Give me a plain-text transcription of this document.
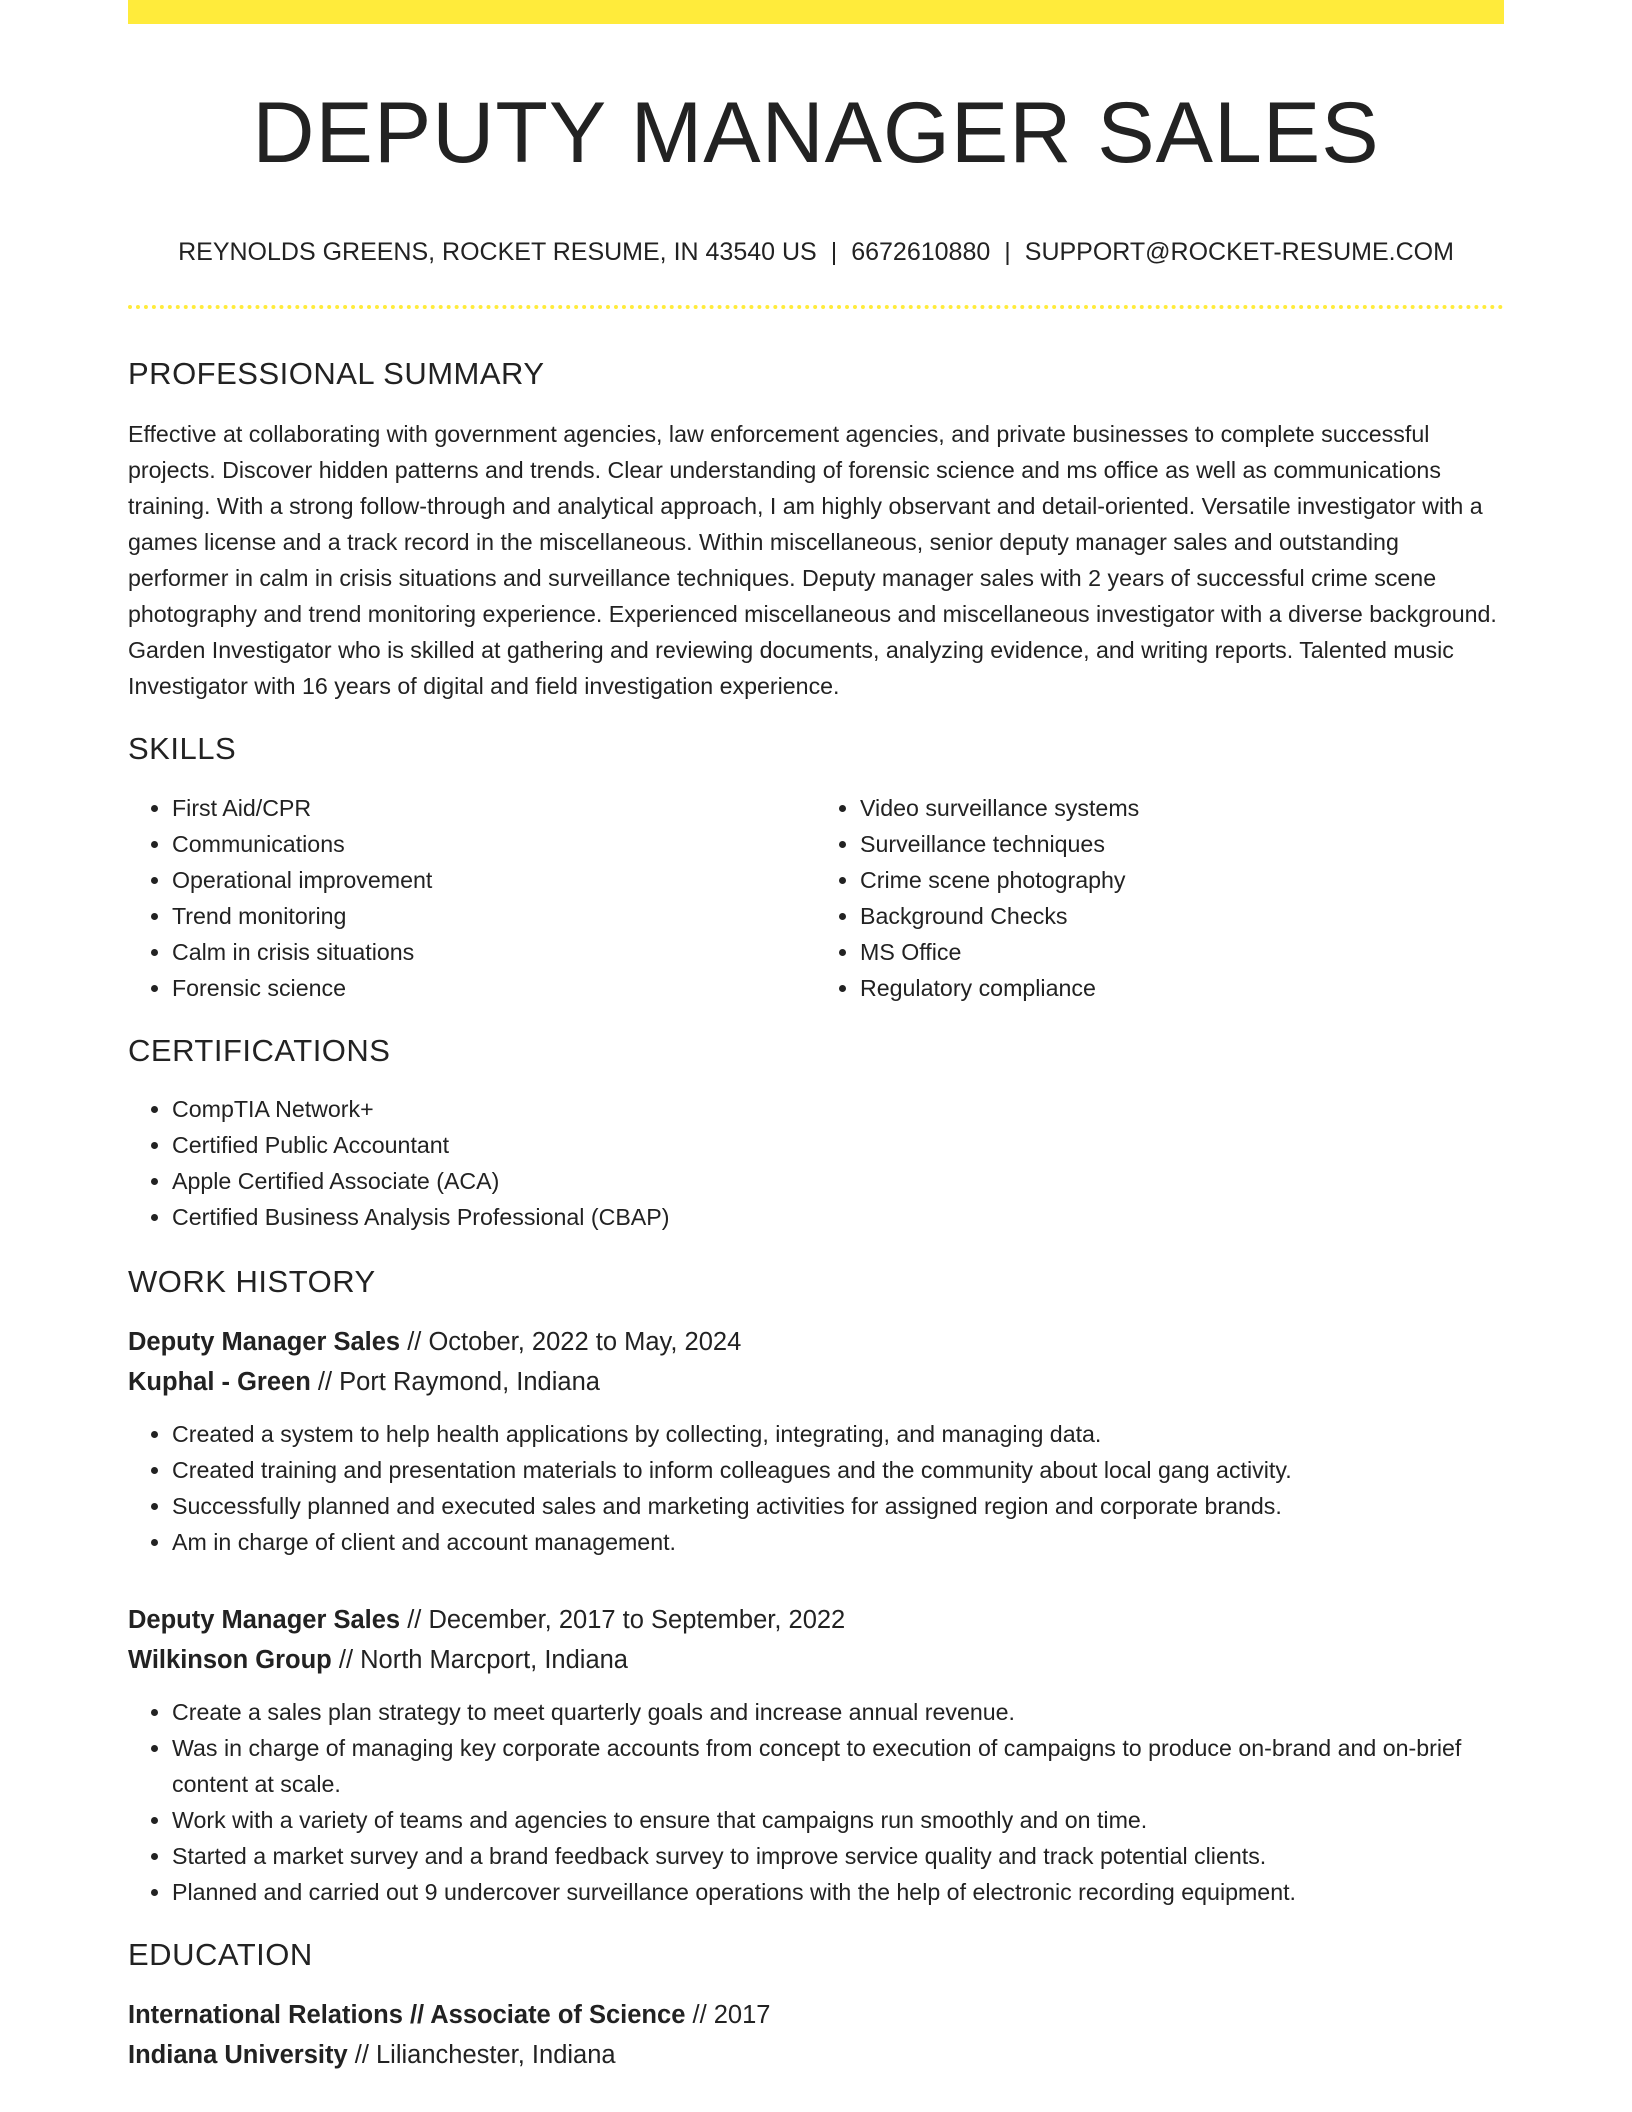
DEPUTY MANAGER SALES
REYNOLDS GREENS, ROCKET RESUME, IN 43540 US | 6672610880 | SUPPORT@ROCKET-RESUME.COM
PROFESSIONAL SUMMARY

Effective at collaborating with government agencies, law enforcement agencies, and private businesses to complete successful projects. Discover hidden patterns and trends. Clear understanding of forensic science and ms office as well as communications training. With a strong follow-through and analytical approach, I am highly observant and detail-oriented. Versatile investigator with a games license and a track record in the miscellaneous. Within miscellaneous, senior deputy manager sales and outstanding performer in calm in crisis situations and surveillance techniques. Deputy manager sales with 2 years of successful crime scene photography and trend monitoring experience. Experienced miscellaneous and miscellaneous investigator with a diverse background. Garden Investigator who is skilled at gathering and reviewing documents, analyzing evidence, and writing reports. Talented music Investigator with 16 years of digital and field investigation experience.

SKILLS
• First Aid/CPR
• Communications
• Operational improvement
• Trend monitoring
• Calm in crisis situations
• Forensic science
• Video surveillance systems
• Surveillance techniques
• Crime scene photography
• Background Checks
• MS Office
• Regulatory compliance
CERTIFICATIONS
• CompTIA Network+
• Certified Public Accountant
• Apple Certified Associate (ACA)
• Certified Business Analysis Professional (CBAP)
WORK HISTORY
Deputy Manager Sales // October, 2022 to May, 2024
Kuphal - Green // Port Raymond, Indiana
• Created a system to help health applications by collecting, integrating, and managing data.
• Created training and presentation materials to inform colleagues and the community about local gang activity.
• Successfully planned and executed sales and marketing activities for assigned region and corporate brands.
• Am in charge of client and account management.
Deputy Manager Sales // December, 2017 to September, 2022
Wilkinson Group // North Marcport, Indiana
• Create a sales plan strategy to meet quarterly goals and increase annual revenue.
• Was in charge of managing key corporate accounts from concept to execution of campaigns to produce on-brand and on-brief content at scale.
• Work with a variety of teams and agencies to ensure that campaigns run smoothly and on time.
• Started a market survey and a brand feedback survey to improve service quality and track potential clients.
• Planned and carried out 9 undercover surveillance operations with the help of electronic recording equipment.
EDUCATION
International Relations // Associate of Science // 2017
Indiana University // Lilianchester, Indiana
